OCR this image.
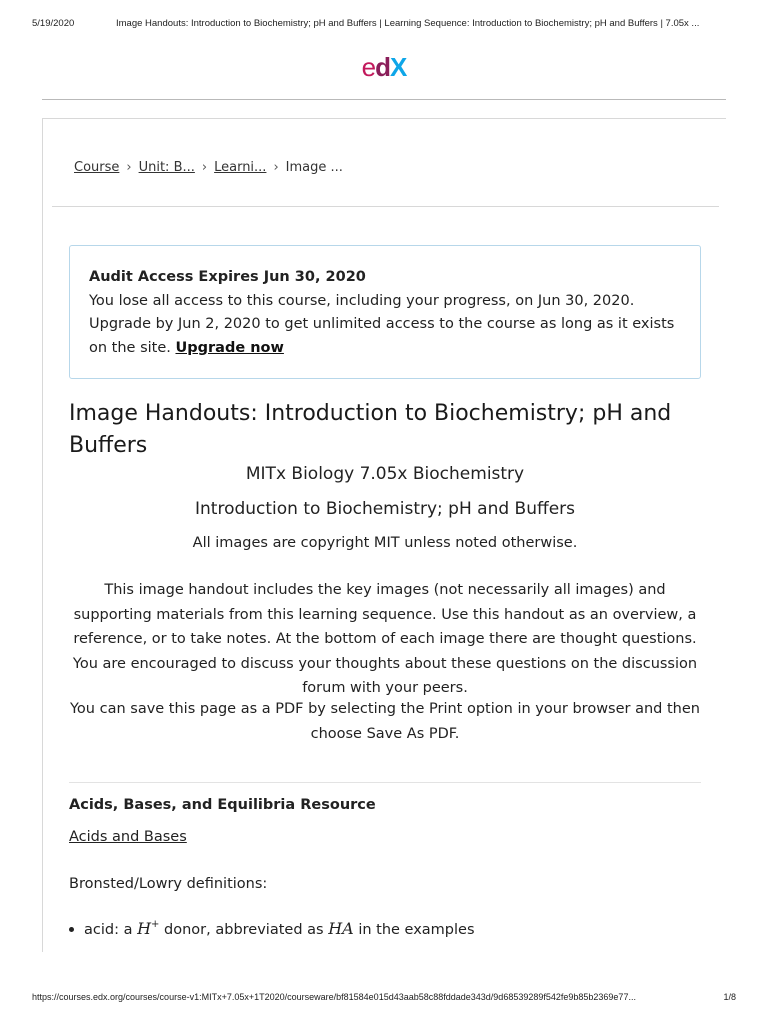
5/19/2020	Image Handouts: Introduction to Biochemistry; pH and Buffers | Learning Sequence: Introduction to Biochemistry; pH and Buffers | 7.05x ...
edX
Course › Unit: B... › Learni... › Image ...
Audit Access Expires Jun 30, 2020
You lose all access to this course, including your progress, on Jun 30, 2020. Upgrade by Jun 2, 2020 to get unlimited access to the course as long as it exists on the site. Upgrade now
Image Handouts: Introduction to Biochemistry; pH and Buffers
MITx Biology 7.05x Biochemistry
Introduction to Biochemistry; pH and Buffers
All images are copyright MIT unless noted otherwise.
This image handout includes the key images (not necessarily all images) and supporting materials from this learning sequence. Use this handout as an overview, a reference, or to take notes. At the bottom of each image there are thought questions. You are encouraged to discuss your thoughts about these questions on the discussion forum with your peers.
You can save this page as a PDF by selecting the Print option in your browser and then choose Save As PDF.
Acids, Bases, and Equilibria Resource
Acids and Bases
Bronsted/Lowry definitions:
acid: a H+ donor, abbreviated as HA in the examples
https://courses.edx.org/courses/course-v1:MITx+7.05x+1T2020/courseware/bf81584e015d43aab58c88fddade343d/9d68539289f542fe9b85b2369e77...	1/8
